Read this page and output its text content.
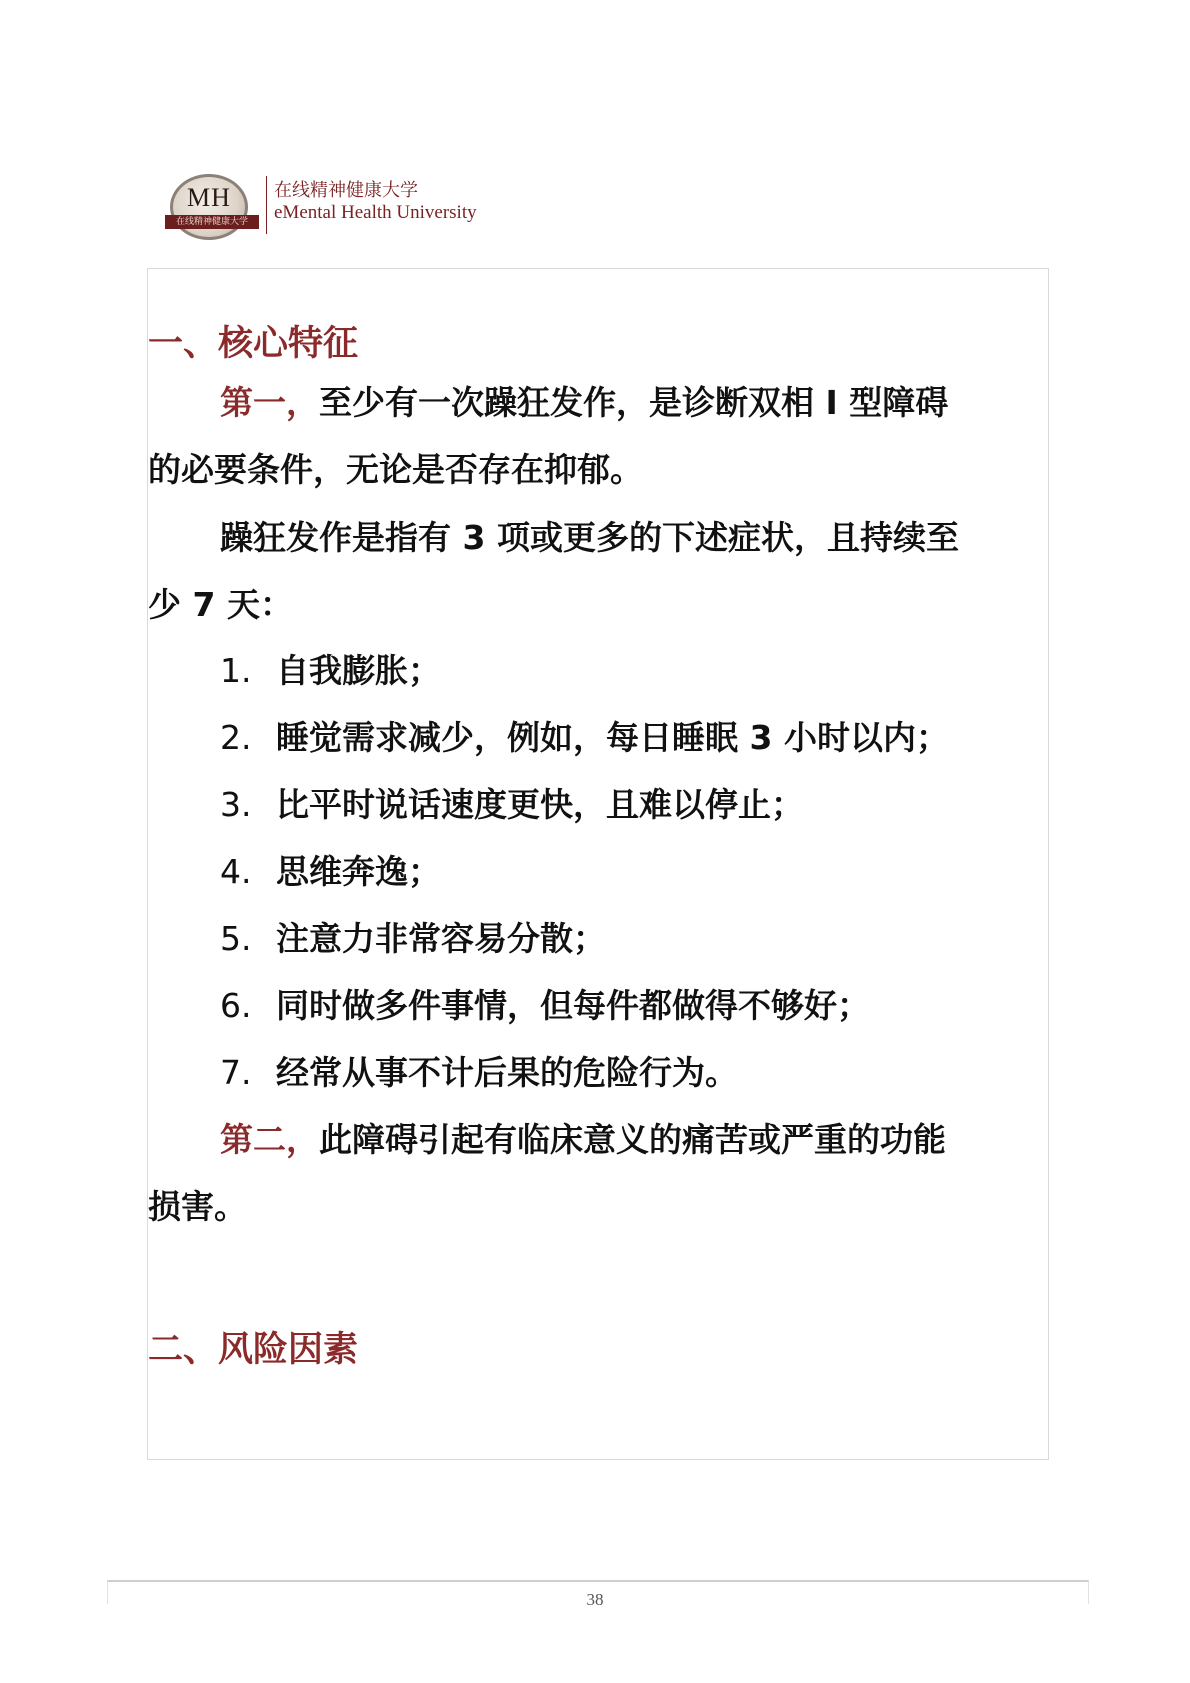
MH
在线精神健康大学
在线精神健康大学
eMental Health University
一、核心特征
第一，至少有一次躁狂发作，是诊断双相 I 型障碍
的必要条件，无论是否存在抑郁。
躁狂发作是指有 3 项或更多的下述症状，且持续至
少 7 天：
1. 自我膨胀；
2. 睡觉需求减少，例如，每日睡眠 3 小时以内；
3. 比平时说话速度更快，且难以停止；
4. 思维奔逸；
5. 注意力非常容易分散；
6. 同时做多件事情，但每件都做得不够好；
7. 经常从事不计后果的危险行为。
第二，此障碍引起有临床意义的痛苦或严重的功能
损害。
二、风险因素
38
